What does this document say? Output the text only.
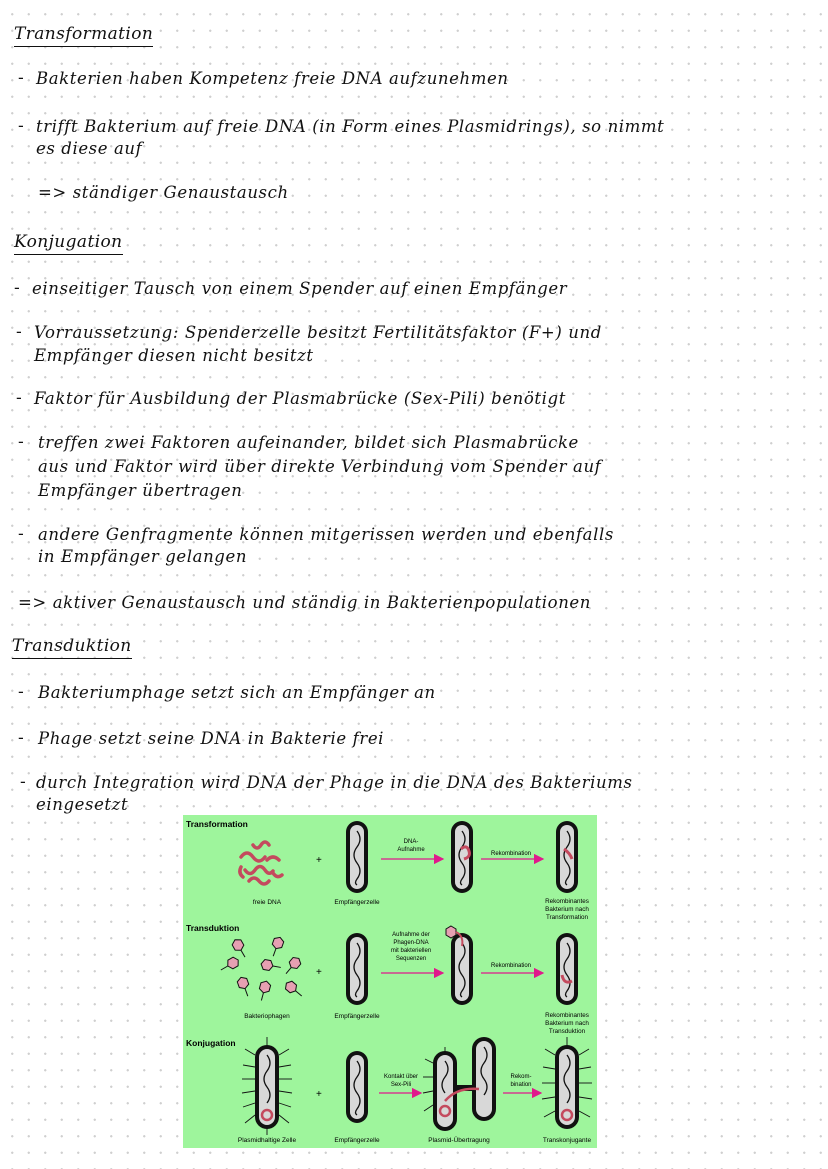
Transformation
- Bakterien haben Kompetenz freie DNA aufzunehmen
- trifft Bakterium auf freie DNA (in Form eines Plasmidrings), so nimmt
es diese auf
=> ständiger Genaustausch
Konjugation
- einseitiger Tausch von einem Spender auf einen Empfänger
- Vorraussetzung: Spenderzelle besitzt Fertilitätsfaktor (F+) und
Empfänger diesen nicht besitzt
- Faktor für Ausbildung der Plasmabrücke (Sex-Pili) benötigt
- treffen zwei Faktoren aufeinander, bildet sich Plasmabrücke
aus und Faktor wird über direkte Verbindung vom Spender auf
Empfänger übertragen
- andere Genfragmente können mitgerissen werden und ebenfalls
in Empfänger gelangen
=> aktiver Genaustausch und ständig in Bakterienpopulationen
Transduktion
- Bakteriumphage setzt sich an Empfänger an
- Phage setzt seine DNA in Bakterie frei
- durch Integration wird DNA der Phage in die DNA des Bakteriums
eingesetzt
Transformation
+
freie DNA	Empfängerzelle
DNA-
Aufnahme
Rekombination
Rekombinantes
Bakterium nach
Transformation
Transduktion
+
Bakteriophagen	Empfängerzelle
Aufnahme der
Phagen-DNA
mit bakteriellen
Sequenzen
Rekombination
Rekombinantes
Bakterium nach
Transduktion
Konjugation
+
Plasmidhaltige Zelle	Empfängerzelle
Kontakt über
Sex-Pili
Plasmid-Übertragung
Rekom-
bination
Transkonjugante
